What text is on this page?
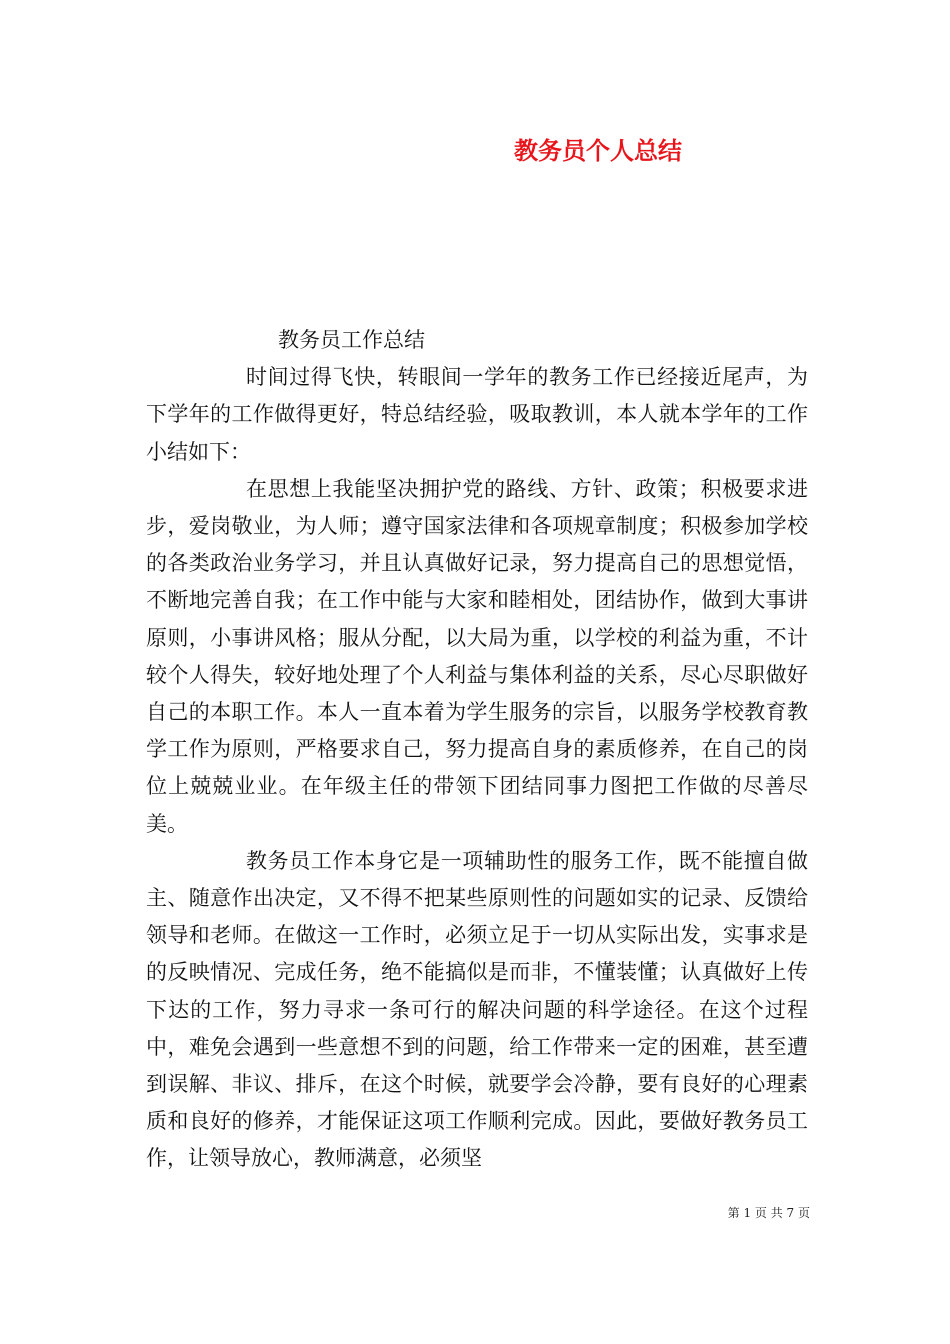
教务员个人总结

教务员工作总结

时间过得飞快，转眼间一学年的教务工作已经接近尾声，为下学年的工作做得更好，特总结经验，吸取教训，本人就本学年的工作小结如下：

在思想上我能坚决拥护党的路线、方针、政策；积极要求进步，爱岗敬业，为人师；遵守国家法律和各项规章制度；积极参加学校的各类政治业务学习，并且认真做好记录，努力提高自己的思想觉悟，不断地完善自我；在工作中能与大家和睦相处，团结协作，做到大事讲原则，小事讲风格；服从分配，以大局为重，以学校的利益为重，不计较个人得失，较好地处理了个人利益与集体利益的关系，尽心尽职做好自己的本职工作。本人一直本着为学生服务的宗旨，以服务学校教育教学工作为原则，严格要求自己，努力提高自身的素质修养，在自己的岗位上兢兢业业。在年级主任的带领下团结同事力图把工作做的尽善尽美。

教务员工作本身它是一项辅助性的服务工作，既不能擅自做主、随意作出决定，又不得不把某些原则性的问题如实的记录、反馈给领导和老师。在做这一工作时，必须立足于一切从实际出发，实事求是的反映情况、完成任务，绝不能搞似是而非，不懂装懂；认真做好上传下达的工作，努力寻求一条可行的解决问题的科学途径。在这个过程中，难免会遇到一些意想不到的问题，给工作带来一定的困难，甚至遭到误解、非议、排斥，在这个时候，就要学会冷静，要有良好的心理素质和良好的修养，才能保证这项工作顺利完成。因此，要做好教务员工作，让领导放心，教师满意，必须坚

第 1 页 共 7 页
